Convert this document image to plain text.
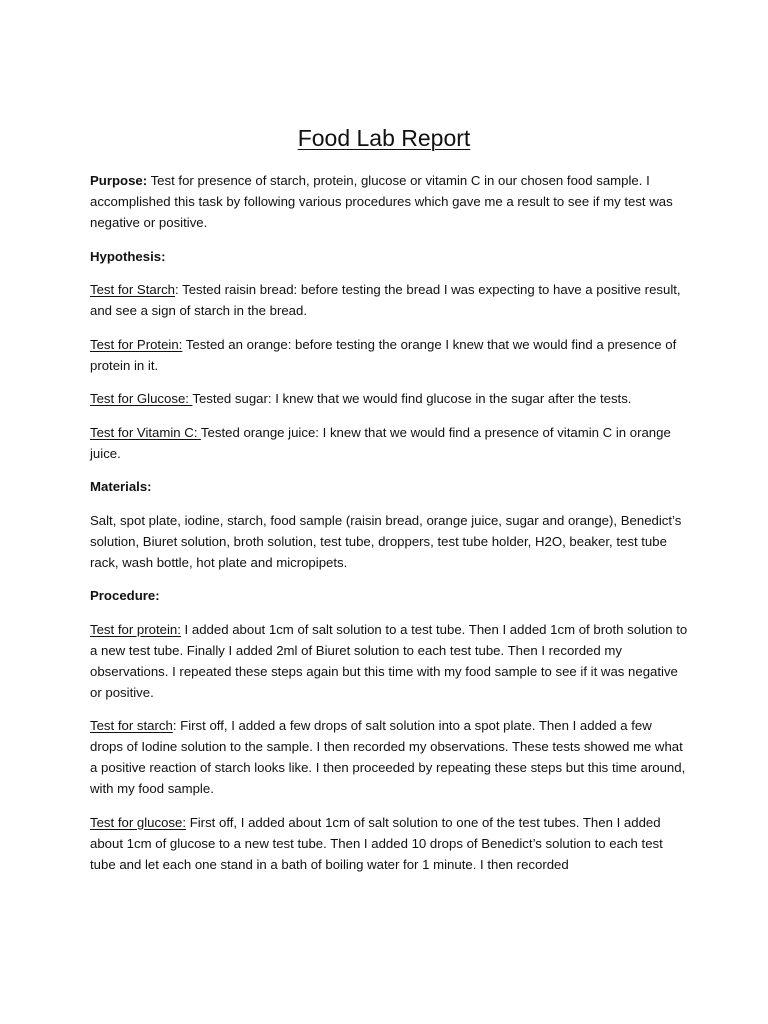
Food Lab Report

Purpose: Test for presence of starch, protein, glucose or vitamin C in our chosen food sample. I accomplished this task by following various procedures which gave me a result to see if my test was negative or positive.

Hypothesis:

Test for Starch: Tested raisin bread: before testing the bread I was expecting to have a positive result, and see a sign of starch in the bread.

Test for Protein: Tested an orange: before testing the orange I knew that we would find a presence of protein in it.

Test for Glucose: Tested sugar: I knew that we would find glucose in the sugar after the tests.

Test for Vitamin C: Tested orange juice: I knew that we would find a presence of vitamin C in orange juice.

Materials:

Salt, spot plate, iodine, starch, food sample (raisin bread, orange juice, sugar and orange), Benedict’s solution, Biuret solution, broth solution, test tube, droppers, test tube holder, H2O, beaker, test tube rack, wash bottle, hot plate and micropipets.

Procedure:

Test for protein: I added about 1cm of salt solution to a test tube. Then I added 1cm of broth solution to a new test tube. Finally I added 2ml of Biuret solution to each test tube. Then I recorded my observations. I repeated these steps again but this time with my food sample to see if it was negative or positive.

Test for starch: First off, I added a few drops of salt solution into a spot plate. Then I added a few drops of Iodine solution to the sample. I then recorded my observations. These tests showed me what a positive reaction of starch looks like. I then proceeded by repeating these steps but this time around, with my food sample.

Test for glucose: First off, I added about 1cm of salt solution to one of the test tubes. Then I added about 1cm of glucose to a new test tube. Then I added 10 drops of Benedict’s solution to each test tube and let each one stand in a bath of boiling water for 1 minute. I then recorded
